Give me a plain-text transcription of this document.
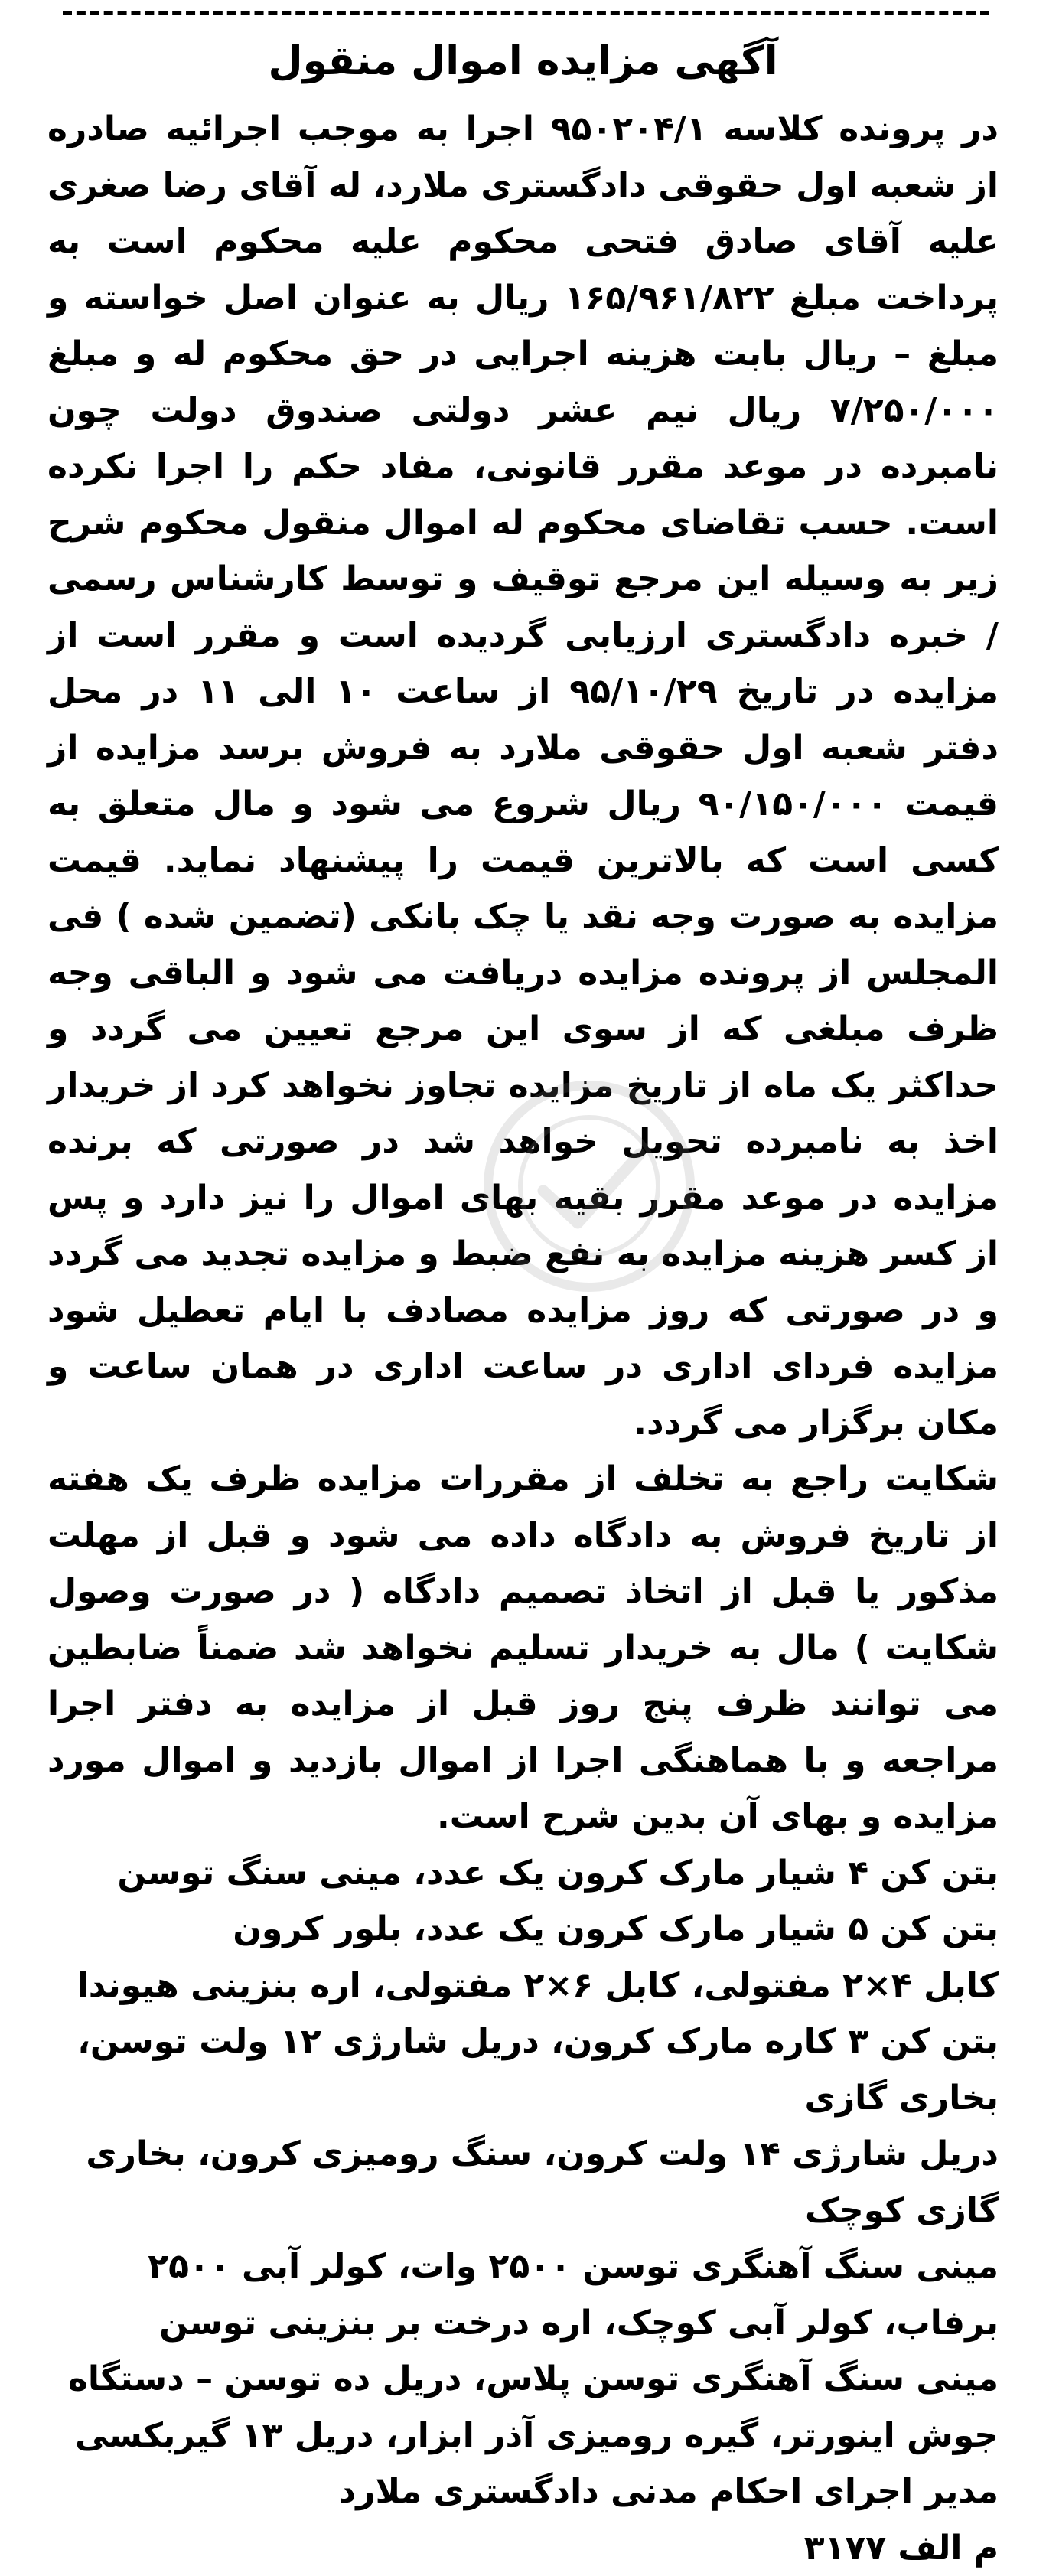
آگهی مزایده اموال منقول

در پرونده کلاسه ۹۵۰۲۰۴/۱ اجرا به موجب اجرائیه صادره از شعبه اول حقوقی دادگستری ملارد، له آقای رضا صغری علیه آقای صادق فتحی محکوم علیه محکوم است به پرداخت مبلغ ۱۶۵/۹۶۱/۸۲۲ ریال به عنوان اصل خواسته و مبلغ – ریال بابت هزینه اجرایی در حق محکوم له و مبلغ ۷/۲۵۰/۰۰۰ ریال نیم عشر دولتی صندوق دولت چون نامبرده در موعد مقرر قانونی، مفاد حکم را اجرا نکرده است. حسب تقاضای محکوم له اموال منقول محکوم شرح زیر به وسیله این مرجع توقیف و توسط کارشناس رسمی / خبره دادگستری ارزیابی گردیده است و مقرر است از مزایده در تاریخ ۹۵/۱۰/۲۹ از ساعت ۱۰ الی ۱۱ در محل دفتر شعبه اول حقوقی ملارد به فروش برسد مزایده از قیمت ۹۰/۱۵۰/۰۰۰ ریال شروع می شود و مال متعلق به کسی است که بالاترین قیمت را پیشنهاد نماید. قیمت مزایده به صورت وجه نقد یا چک بانکی (تضمین شده ) فی المجلس از پرونده مزایده دریافت می شود و الباقی وجه ظرف مبلغی که از سوی این مرجع تعیین می گردد و حداکثر یک ماه از تاریخ مزایده تجاوز نخواهد کرد از خریدار اخذ به نامبرده تحویل خواهد شد در صورتی که برنده مزایده در موعد مقرر بقیه بهای اموال را نیز دارد و پس از کسر هزینه مزایده به نفع ضبط و مزایده تجدید می گردد و در صورتی که روز مزایده مصادف با ایام تعطیل شود مزایده فردای اداری در ساعت اداری در همان ساعت و مکان برگزار می گردد.

شکایت راجع به تخلف از مقررات مزایده ظرف یک هفته از تاریخ فروش به دادگاه داده می شود و قبل از مهلت مذکور یا قبل از اتخاذ تصمیم دادگاه ( در صورت وصول شکایت ) مال به خریدار تسلیم نخواهد شد ضمناً ضابطین می توانند ظرف پنج روز قبل از مزایده به دفتر اجرا مراجعه و با هماهنگی اجرا از اموال بازدید و اموال مورد مزایده و بهای آن بدین شرح است.

بتن کن ۴ شیار مارک کرون یک عدد، مینی سنگ توسن

بتن کن ۵ شیار مارک کرون یک عدد، بلور کرون

کابل ۴×۲ مفتولی، کابل ۶×۲ مفتولی، اره بنزینی هیوندا

بتن کن ۳ کاره مارک کرون، دریل شارژی ۱۲ ولت توسن، بخاری گازی

دریل شارژی ۱۴ ولت کرون، سنگ رومیزی کرون، بخاری گازی کوچک

مینی سنگ آهنگری توسن ۲۵۰۰ وات، کولر آبی ۲۵۰۰ برفاب، کولر آبی کوچک، اره درخت بر بنزینی توسن

مینی سنگ آهنگری توسن پلاس، دریل ده توسن – دستگاه جوش اینورتر، گیره رومیزی آذر ابزار، دریل ۱۳ گیربکسی

مدیر اجرای احکام مدنی دادگستری ملارد

م الف ۳۱۷۷
